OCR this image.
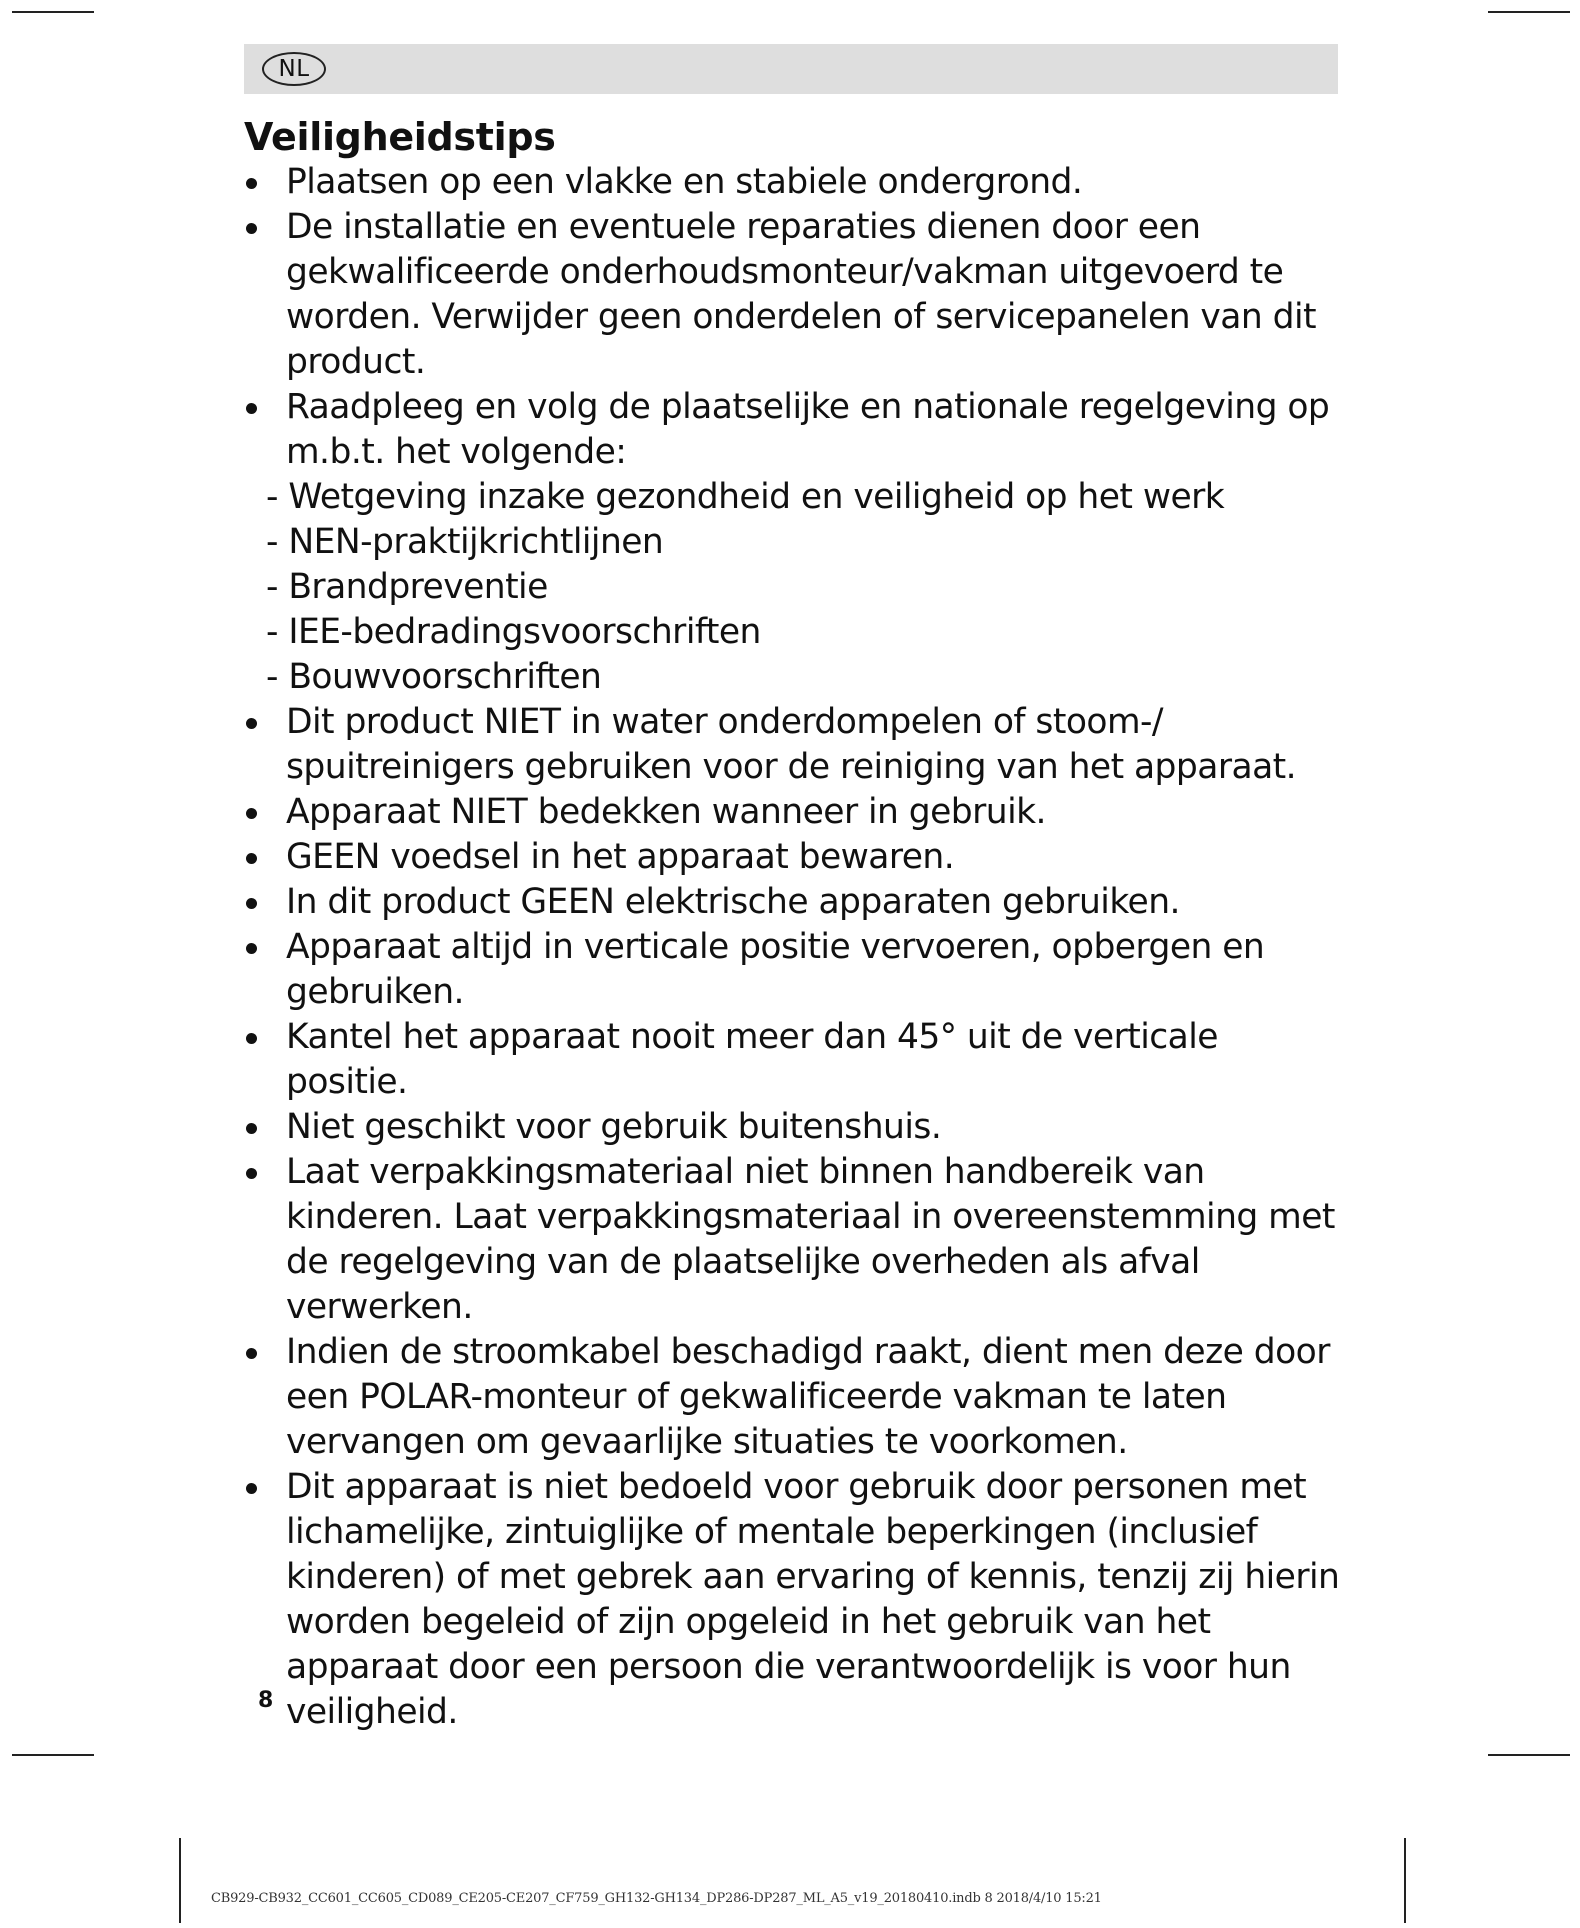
NL
Veiligheidstips
Plaatsen op een vlakke en stabiele ondergrond.
De installatie en eventuele reparaties dienen door een gekwalificeerde onderhoudsmonteur/vakman uitgevoerd te worden. Verwijder geen onderdelen of servicepanelen van dit product.
Raadpleeg en volg de plaatselijke en nationale regelgeving op m.b.t. het volgende:
- Wetgeving inzake gezondheid en veiligheid op het werk
- NEN-praktijkrichtlijnen
- Brandpreventie
- IEE-bedradingsvoorschriften
- Bouwvoorschriften
Dit product NIET in water onderdompelen of stoom-/ spuitreinigers gebruiken voor de reiniging van het apparaat.
Apparaat NIET bedekken wanneer in gebruik.
GEEN voedsel in het apparaat bewaren.
In dit product GEEN elektrische apparaten gebruiken.
Apparaat altijd in verticale positie vervoeren, opbergen en gebruiken.
Kantel het apparaat nooit meer dan 45° uit de verticale positie.
Niet geschikt voor gebruik buitenshuis.
Laat verpakkingsmateriaal niet binnen handbereik van kinderen. Laat verpakkingsmateriaal in overeenstemming met de regelgeving van de plaatselijke overheden als afval verwerken.
Indien de stroomkabel beschadigd raakt, dient men deze door een POLAR-monteur of gekwalificeerde vakman te laten vervangen om gevaarlijke situaties te voorkomen.
Dit apparaat is niet bedoeld voor gebruik door personen met lichamelijke, zintuiglijke of mentale beperkingen (inclusief kinderen) of met gebrek aan ervaring of kennis, tenzij zij hierin worden begeleid of zijn opgeleid in het gebruik van het apparaat door een persoon die verantwoordelijk is voor hun veiligheid.
8
CB929-CB932_CC601_CC605_CD089_CE205-CE207_CF759_GH132-GH134_DP286-DP287_ML_A5_v19_20180410.indb 8 2018/4/10 15:21
